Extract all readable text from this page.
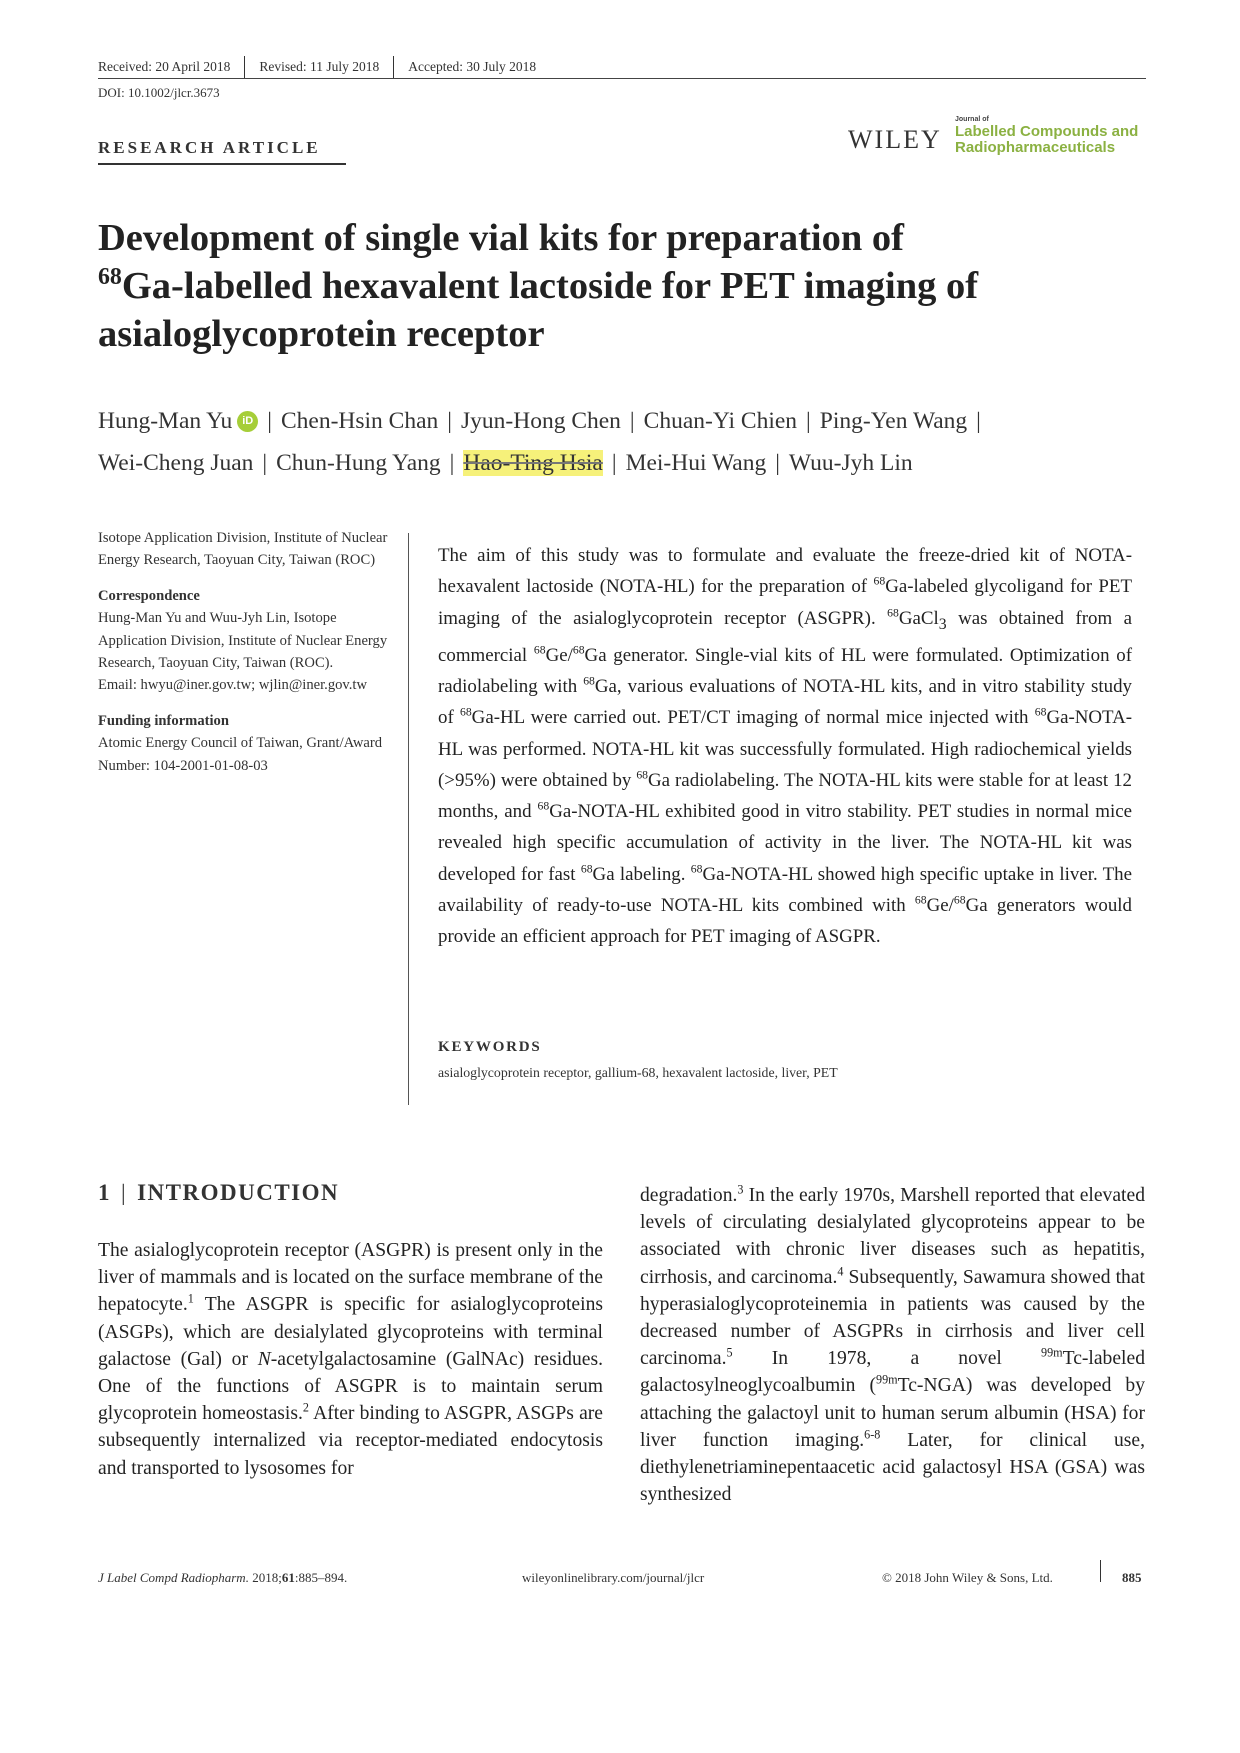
Received: 20 April 2018 Revised: 11 July 2018 Accepted: 30 July 2018
DOI: 10.1002/jlcr.3673
RESEARCH ARTICLE	WILEY
Journal of
Labelled Compounds and
Radiopharmaceuticals
Development of single vial kits for preparation of
$^{68}$Ga-labelled hexavalent lactoside for PET imaging of
asialoglycoprotein receptor
Hung-Man Yu iD | Chen-Hsin Chan | Jyun-Hong Chen | Chuan-Yi Chien | Ping-Yen Wang |
Wei-Cheng Juan | Chun-Hung Yang | Hao-Ting Hsia | Mei-Hui Wang | Wuu-Jyh Lin
Isotope Application Division, Institute of Nuclear Energy Research, Taoyuan City, Taiwan (ROC)
Correspondence
Hung-Man Yu and Wuu-Jyh Lin, Isotope Application Division, Institute of Nuclear Energy Research, Taoyuan City, Taiwan (ROC).
Email: hwyu@iner.gov.tw; wjlin@iner.gov.tw
Funding information
Atomic Energy Council of Taiwan, Grant/Award Number: 104-2001-01-08-03
The aim of this study was to formulate and evaluate the freeze-dried kit of NOTA-hexavalent lactoside (NOTA-HL) for the preparation of $^{68}$Ga-labeled glycoligand for PET imaging of the asialoglycoprotein receptor (ASGPR). $^{68}$GaCl$_3$ was obtained from a commercial $^{68}$Ge/$^{68}$Ga generator. Single-vial kits of HL were formulated. Optimization of radiolabeling with $^{68}$Ga, various evaluations of NOTA-HL kits, and in vitro stability study of $^{68}$Ga-HL were carried out. PET/CT imaging of normal mice injected with $^{68}$Ga-NOTA-HL was performed. NOTA-HL kit was successfully formulated. High radiochemical yields (>95%) were obtained by $^{68}$Ga radiolabeling. The NOTA-HL kits were stable for at least 12 months, and $^{68}$Ga-NOTA-HL exhibited good in vitro stability. PET studies in normal mice revealed high specific accumulation of activity in the liver. The NOTA-HL kit was developed for fast $^{68}$Ga labeling. $^{68}$Ga-NOTA-HL showed high specific uptake in liver. The availability of ready-to-use NOTA-HL kits combined with $^{68}$Ge/$^{68}$Ga generators would provide an efficient approach for PET imaging of ASGPR.
KEYWORDS
asialoglycoprotein receptor, gallium-68, hexavalent lactoside, liver, PET
1 | INTRODUCTION
The asialoglycoprotein receptor (ASGPR) is present only in the liver of mammals and is located on the surface membrane of the hepatocyte.$^1$ The ASGPR is specific for asialoglycoproteins (ASGPs), which are desialylated glycoproteins with terminal galactose (Gal) or N-acetylgalactosamine (GalNAc) residues. One of the functions of ASGPR is to maintain serum glycoprotein homeostasis.$^2$ After binding to ASGPR, ASGPs are subsequently internalized via receptor-mediated endocytosis and transported to lysosomes for
degradation.$^3$ In the early 1970s, Marshell reported that elevated levels of circulating desialylated glycoproteins appear to be associated with chronic liver diseases such as hepatitis, cirrhosis, and carcinoma.$^4$ Subsequently, Sawamura showed that hyperasialoglycoproteinemia in patients was caused by the decreased number of ASGPRs in cirrhosis and liver cell carcinoma.$^5$ In 1978, a novel $^{99m}$Tc-labeled galactosylneoglycoalbumin ($^{99m}$Tc-NGA) was developed by attaching the galactoyl unit to human serum albumin (HSA) for liver function imaging.$^{6-8}$ Later, for clinical use, diethylenetriaminepentaacetic acid galactosyl HSA (GSA) was synthesized
J Label Compd Radiopharm. 2018;61:885–894.	wileyonlinelibrary.com/journal/jlcr	© 2018 John Wiley & Sons, Ltd.	885
